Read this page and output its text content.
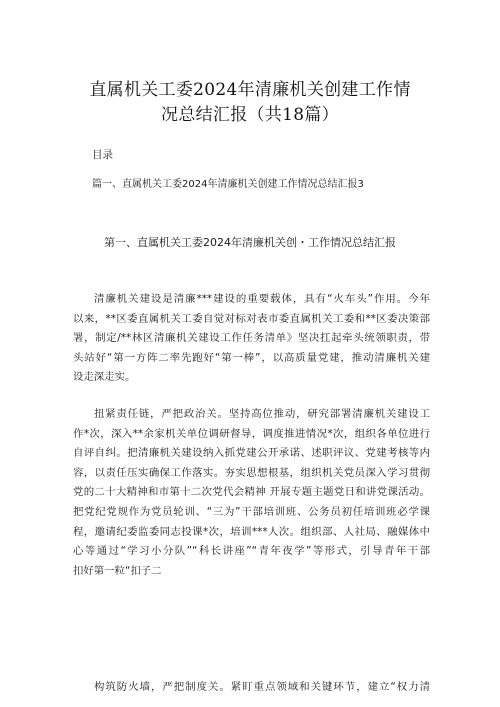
直属机关工委2024年清廉机关创建工作情
况总结汇报（共18篇）
目录
篇一、直属机关工委2024年清廉机关创建工作情况总结汇报3
第一、直属机关工委2024年清廉机关创・工作情况总结汇报
清廉机关建设是清廉***建设的重要载体，具有“火车头”作用。今年
以来，**区委直属机关工委自觉对标对表市委直属机关工委和**区委决策部
署，制定/**林区清廉机关建设工作任务清单》坚决扛起牵头统领职责，带
头站好“第一方阵二率先跑好“第一棒”，以高质量党建，推动清廉机关建
设走深走实。
扭紧责任链，严把政治关。坚持高位推动，研究部署清廉机关建设工
作*次，深入**余家机关单位调研督导，调度推进情况*次，组织各单位进行
自评自纠。把清廉机关建设纳入抓党建公开承诺、述职评议、党建考核等内
容，以责任压实确保工作落实。夯实思想根基，组织机关党员深入学习贯彻
党的二十大精神和市第十二次党代会精神 开展专题主题党日和讲党课活动。
把党纪党规作为党员轮训、“三为”干部培训班、公务员初任培训班必学课
程，邀请纪委监委同志投课*次，培训***人次。组织部、人社局、融媒体中
心等通过“学习小分队”“科长讲座”“青年夜学”等形式，引导青年干部
扣好第一粒“扣子二
构筑防火墙，严把制度关。紧盯重点领域和关键环节，建立“权力清
